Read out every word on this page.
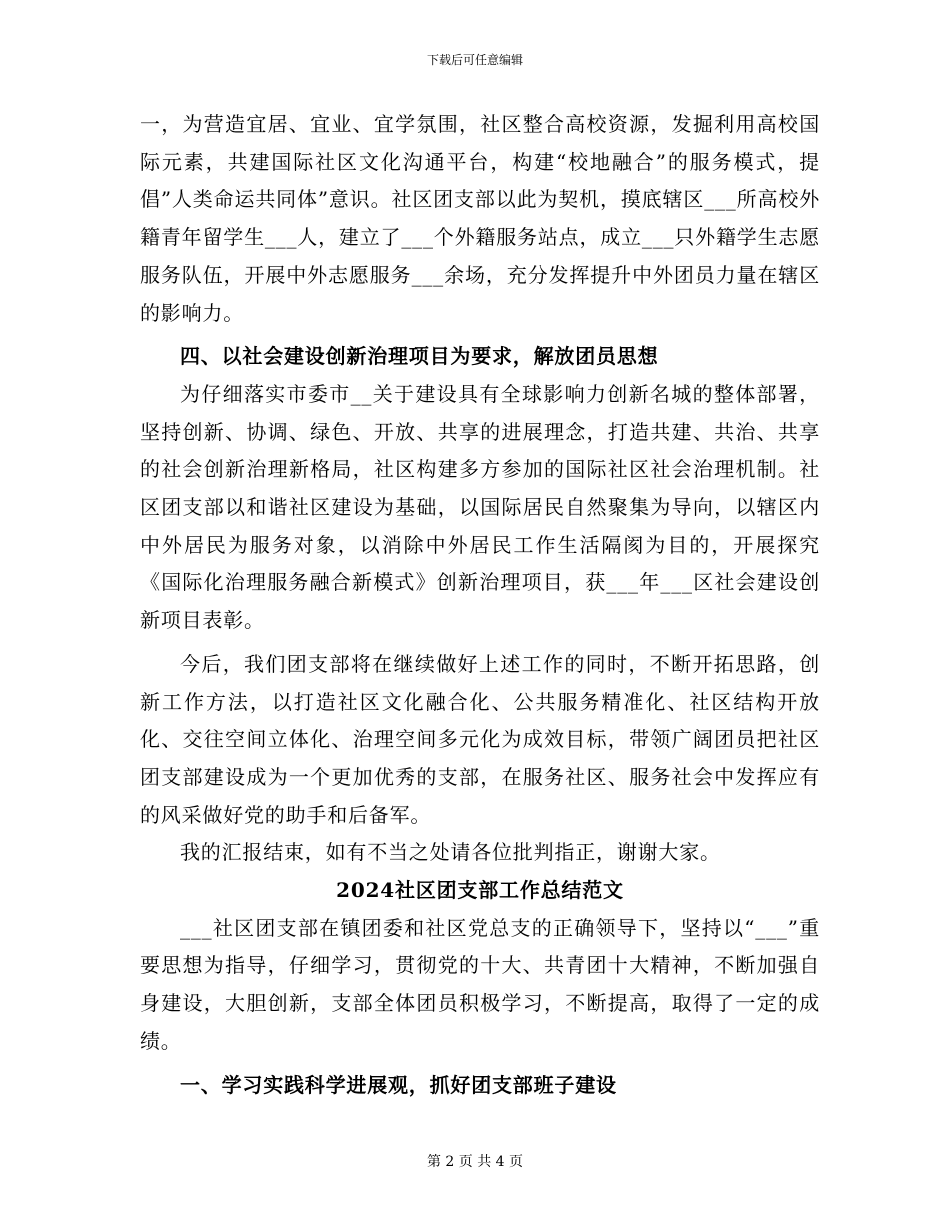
下载后可任意编辑

一，为营造宜居、宜业、宜学氛围，社区整合高校资源，发掘利用高校国际元素，共建国际社区文化沟通平台，构建“校地融合”的服务模式，提倡”人类命运共同体”意识。社区团支部以此为契机，摸底辖区___所高校外籍青年留学生___人，建立了___个外籍服务站点，成立___只外籍学生志愿服务队伍，开展中外志愿服务___余场，充分发挥提升中外团员力量在辖区的影响力。

四、以社会建设创新治理项目为要求，解放团员思想

为仔细落实市委市__关于建设具有全球影响力创新名城的整体部署，坚持创新、协调、绿色、开放、共享的进展理念，打造共建、共治、共享的社会创新治理新格局，社区构建多方参加的国际社区社会治理机制。社区团支部以和谐社区建设为基础，以国际居民自然聚集为导向，以辖区内中外居民为服务对象，以消除中外居民工作生活隔阂为目的，开展探究《国际化治理服务融合新模式》创新治理项目，获___年___区社会建设创新项目表彰。

今后，我们团支部将在继续做好上述工作的同时，不断开拓思路，创新工作方法，以打造社区文化融合化、公共服务精准化、社区结构开放化、交往空间立体化、治理空间多元化为成效目标，带领广阔团员把社区团支部建设成为一个更加优秀的支部，在服务社区、服务社会中发挥应有的风采做好党的助手和后备军。

我的汇报结束，如有不当之处请各位批判指正，谢谢大家。

2024社区团支部工作总结范文

___社区团支部在镇团委和社区党总支的正确领导下，坚持以“___”重要思想为指导，仔细学习，贯彻党的十大、共青团十大精神，不断加强自身建设，大胆创新，支部全体团员积极学习，不断提高，取得了一定的成绩。

一、学习实践科学进展观，抓好团支部班子建设

第 2 页 共 4 页
